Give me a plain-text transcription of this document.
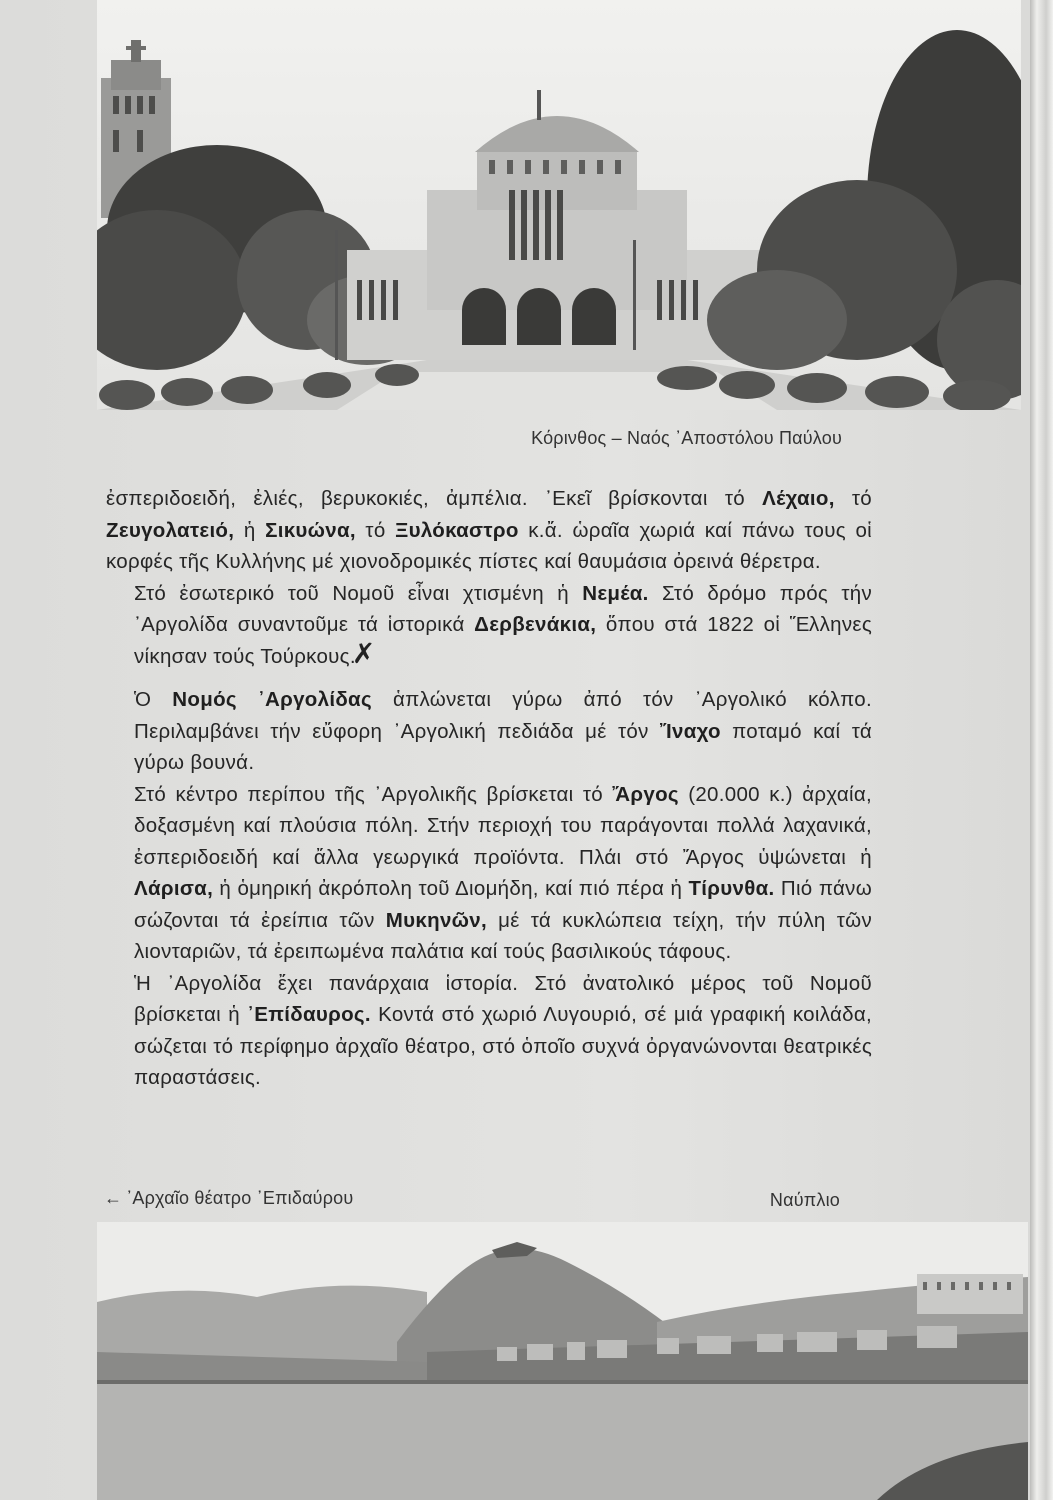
Κόρινθος – Ναός ᾽Αποστόλου Παύλου

ἐσπεριδοειδή, ἐλιές, βερυκοκιές, ἀμπέλια. ᾽Εκεῖ βρίσκονται τό Λέχαιο, τό Ζευγολατειό, ἡ Σικυώνα, τό Ξυλόκαστρο κ.ἄ. ὡραῖα χωριά καί πάνω τους οἱ κορφές τῆς Κυλλήνης μέ χιονοδρομικές πίστες καί θαυμάσια ὀρεινά θέρετρα.

Στό ἐσωτερικό τοῦ Νομοῦ εἶναι χτισμένη ἡ Νεμέα. Στό δρόμο πρός τήν ᾽Αργολίδα συναντοῦμε τά ἱστορικά Δερβενάκια, ὅπου στά 1822 οἱ Ἕλληνες νίκησαν τούς Τούρκους.✗

Ὁ Νομός ᾽Αργολίδας ἁπλώνεται γύρω ἀπό τόν ᾽Αργολικό κόλπο. Περιλαμβάνει τήν εὔφορη ᾽Αργολική πεδιάδα μέ τόν Ἴναχο ποταμό καί τά γύρω βουνά.

Στό κέντρο περίπου τῆς ᾽Αργολικῆς βρίσκεται τό Ἄργος (20.000 κ.) ἀρχαία, δοξασμένη καί πλούσια πόλη. Στήν περιοχή του παράγονται πολλά λαχανικά, ἐσπεριδοειδή καί ἄλλα γεωργικά προϊόντα. Πλάι στό Ἄργος ὑψώνεται ἡ Λάρισα, ἡ ὁμηρική ἀκρόπολη τοῦ Διομήδη, καί πιό πέρα ἡ Τίρυνθα. Πιό πάνω σώζονται τά ἐρείπια τῶν Μυκηνῶν, μέ τά κυκλώπεια τείχη, τήν πύλη τῶν λιονταριῶν, τά ἐρειπωμένα παλάτια καί τούς βασιλικούς τάφους.

Ἡ ᾽Αργολίδα ἔχει πανάρχαια ἱστορία. Στό ἀνατολικό μέρος τοῦ Νομοῦ βρίσκεται ἡ ᾽Επίδαυρος. Κοντά στό χωριό Λυγουριό, σέ μιά γραφική κοιλάδα, σώζεται τό περίφημο ἀρχαῖο θέατρο, στό ὁποῖο συχνά ὀργανώνονται θεατρικές παραστάσεις.

← ᾽Αρχαῖο θέατρο ᾽Επιδαύρου	Ναύπλιο
